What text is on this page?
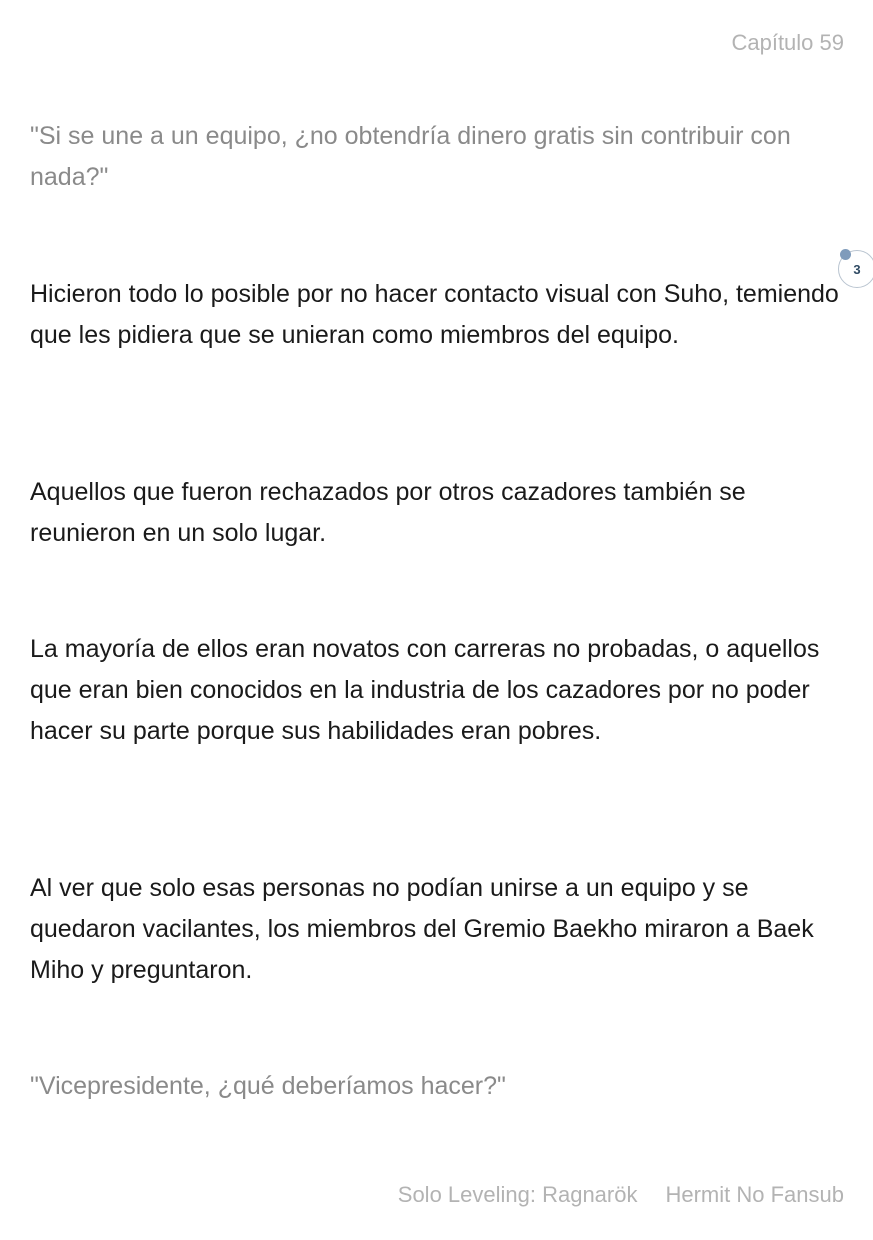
Capítulo 59

"Si se une a un equipo, ¿no obtendría dinero gratis sin contribuir con nada?"

Hicieron todo lo posible por no hacer contacto visual con Suho, temiendo que les pidiera que se unieran como miembros del equipo.

3

Aquellos que fueron rechazados por otros cazadores también se reunieron en un solo lugar.

La mayoría de ellos eran novatos con carreras no probadas, o aquellos que eran bien conocidos en la industria de los cazadores por no poder hacer su parte porque sus habilidades eran pobres.

Al ver que solo esas personas no podían unirse a un equipo y se quedaron vacilantes, los miembros del Gremio Baekho miraron a Baek Miho y preguntaron.

"Vicepresidente, ¿qué deberíamos hacer?"

Solo Leveling: Ragnarök Hermit No Fansub
